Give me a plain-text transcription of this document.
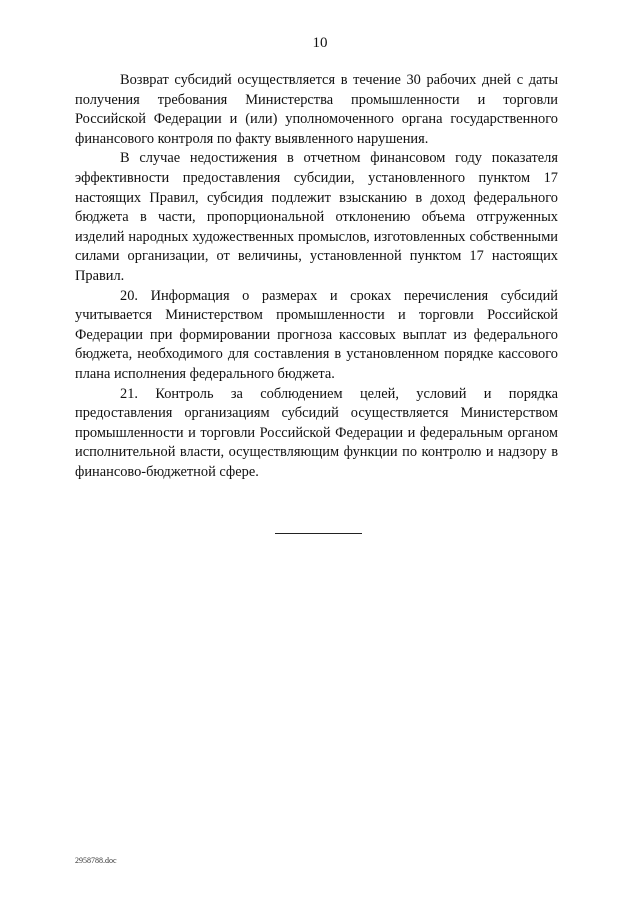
10

Возврат субсидий осуществляется в течение 30 рабочих дней с даты получения требования Министерства промышленности и торговли Российской Федерации и (или) уполномоченного органа государственного финансового контроля по факту выявленного нарушения.

В случае недостижения в отчетном финансовом году показателя эффективности предоставления субсидии, установленного пунктом 17 настоящих Правил, субсидия подлежит взысканию в доход федерального бюджета в части, пропорциональной отклонению объема отгруженных изделий народных художественных промыслов, изготовленных собственными силами организации, от величины, установленной пунктом 17 настоящих Правил.

20. Информация о размерах и сроках перечисления субсидий учитывается Министерством промышленности и торговли Российской Федерации при формировании прогноза кассовых выплат из федерального бюджета, необходимого для составления в установленном порядке кассового плана исполнения федерального бюджета.

21. Контроль за соблюдением целей, условий и порядка предоставления организациям субсидий осуществляется Министерством промышленности и торговли Российской Федерации и федеральным органом исполнительной власти, осуществляющим функции по контролю и надзору в финансово-бюджетной сфере.

2958788.doc
